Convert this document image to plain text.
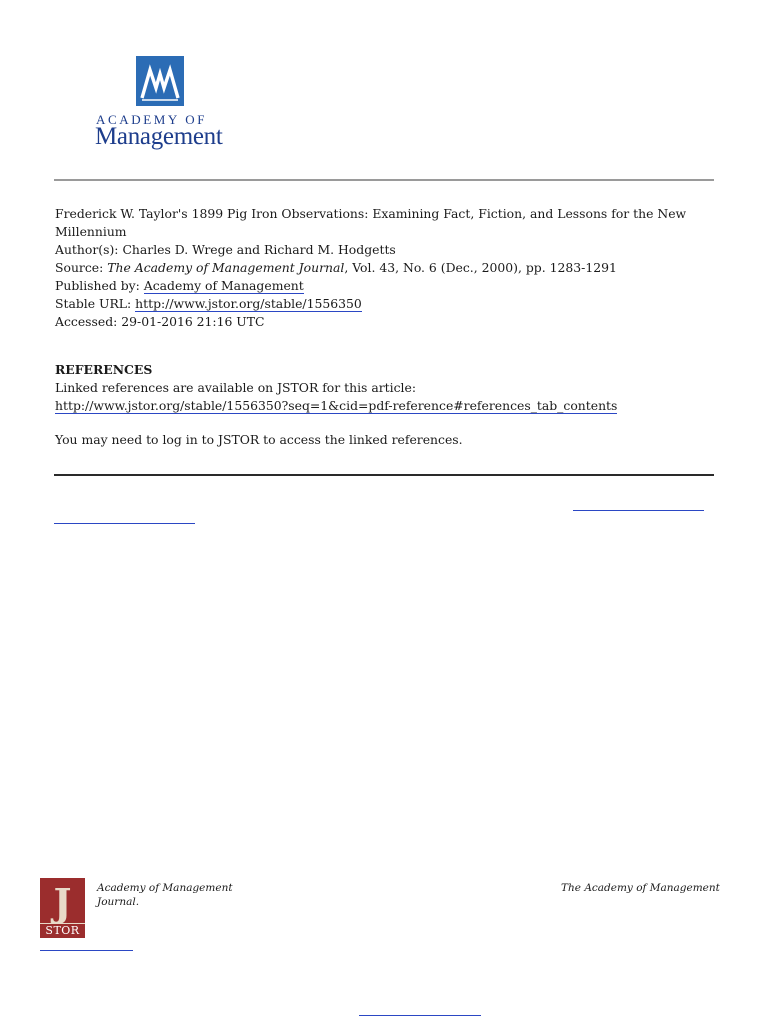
ACADEMY OF
Management
Frederick W. Taylor's 1899 Pig Iron Observations: Examining Fact, Fiction, and Lessons for the New Millennium
Author(s): Charles D. Wrege and Richard M. Hodgetts
Source: The Academy of Management Journal, Vol. 43, No. 6 (Dec., 2000), pp. 1283-1291
Published by: Academy of Management
Stable URL: http://www.jstor.org/stable/1556350
Accessed: 29-01-2016 21:16 UTC
REFERENCES
Linked references are available on JSTOR for this article:
http://www.jstor.org/stable/1556350?seq=1&cid=pdf-reference#references_tab_contents
You may need to log in to JSTOR to access the linked references.
J
STOR
Academy of Management Journal.
The Academy of Management
